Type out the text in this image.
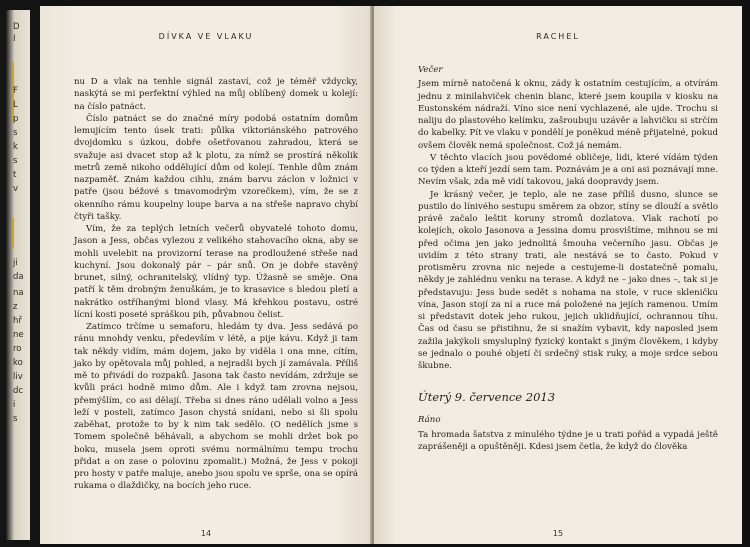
D
I
F
L
p
s
k
s
t
v
ji
da
na
z
hř
ne
ro
ko
liv
dc
i
s
DÍVKA VE VLAKU

nu D a vlak na tenhle signál zastaví, což je téměř vždycky, naskýtá se mi perfektní výhled na můj oblíbený domek u kolejí: na číslo patnáct.

Číslo patnáct se do značné míry podobá ostatním domům lemujícím tento úsek trati: půlka viktoriánského patrového dvojdomku s úzkou, dobře ošetřovanou zahradou, která se svažuje asi dvacet stop až k plotu, za nímž se prostírá několik metrů země nikoho oddělující dům od kolejí. Tenhle dům znám nazpaměť. Znám každou cihlu, znám barvu záclon v ložnici v patře (jsou béžové s tmavomodrým vzorečkem), vím, že se z okenního rámu koupelny loupe barva a na střeše napravo chybí čtyři tašky.

Vím, že za teplých letních večerů obyvatelé tohoto domu, Jason a Jess, občas vylezou z velikého stahovacího okna, aby se mohli uvelebit na provizorní terase na prodloužené střeše nad kuchyní. Jsou dokonalý pár – pár snů. On je dobře stavěný brunet, silný, ochranitelský, vlídný typ. Úžasně se směje. Ona patří k těm drobným ženuškám, je to krasavice s bledou pletí a nakrátko ostříhanými blond vlasy. Má křehkou postavu, ostré lícní kosti poseté spráškou pih, půvabnou čelist.

Zatímco trčíme u semaforu, hledám ty dva. Jess sedává po ránu mnohdy venku, především v létě, a pije kávu. Když ji tam tak někdy vidím, mám dojem, jako by viděla i ona mne, cítím, jako by opětovala můj pohled, a nejradši bych jí zamávala. Příliš mě to přivádí do rozpaků. Jasona tak často nevídám, zdržuje se kvůli práci hodně mimo dům. Ale i když tam zrovna nejsou, přemýšlím, co asi dělají. Třeba si dnes ráno udělali volno a Jess leží v posteli, zatímco Jason chystá snídani, nebo si šli spolu zaběhat, protože to by k nim tak sedělo. (O nedělích jsme s Tomem společně běhávali, a abychom se mohli držet bok po boku, musela jsem oproti svému normálnímu tempu trochu přidat a on zase o polovinu zpomalit.) Možná, že Jess v pokoji pro hosty v patře maluje, anebo jsou spolu ve sprše, ona se opírá rukama o dlaždičky, na bocích jeho ruce.

14
RACHEL

Večer

Jsem mírně natočená k oknu, zády k ostatním cestujícím, a otvírám jednu z minilahviček chenin blanc, které jsem koupila v kiosku na Eustonském nádraží. Víno sice není vychlazené, ale ujde. Trochu si naliju do plastového kelímku, zašroubuju uzávěr a lahvičku si strčím do kabelky. Pít ve vlaku v pondělí je poněkud méně přijatelné, pokud ovšem člověk nemá společnost. Což já nemám.

V těchto vlacích jsou povědomé obličeje, lidi, které vídám týden co týden a kteří jezdí sem tam. Poznávám je a oni asi poznávají mne. Nevím však, zda mě vidí takovou, jaká doopravdy jsem.

Je krásný večer, je teplo, ale ne zase příliš dusno, slunce se pustilo do línivého sestupu směrem za obzor, stíny se dlouží a světlo právě začalo leštit koruny stromů dozlatova. Vlak rachotí po kolejích, okolo Jasonova a Jessina domu prosvištíme, mihnou se mi před očima jen jako jednolitá šmouha večerního jasu. Občas je uvidím z této strany trati, ale nestává se to často. Pokud v protisměru zrovna nic nejede a cestujeme-li dostatečně pomalu, někdy je zahlédnu venku na terase. A když ne – jako dnes –, tak si je představuju: Jess bude sedět s nohama na stole, v ruce skleničku vína, Jason stojí za ní a ruce má položené na jejích ramenou. Umím si představit dotek jeho rukou, jejich uklidňující, ochrannou tíhu. Čas od času se přistihnu, že si snažím vybavit, kdy naposled jsem zažila jakýkoli smysluplný fyzický kontakt s jiným člověkem, i kdyby se jednalo o pouhé objetí či srdečný stisk ruky, a moje srdce sebou škubne.

Úterý 9. července 2013

Ráno

Ta hromada šatstva z minulého týdne je u trati pořád a vypadá ještě zaprášeněji a opuštěněji. Kdesi jsem četla, že když do člověka

15
